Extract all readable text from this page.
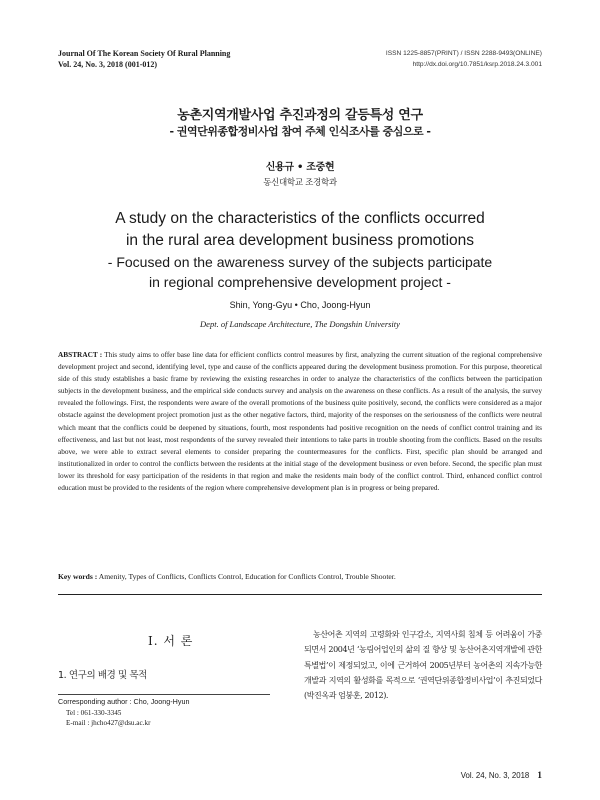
Journal Of The Korean Society Of Rural Planning
Vol. 24, No. 3, 2018 (001-012)
ISSN 1225-8857(PRINT) / ISSN 2288-9493(ONLINE)
http://dx.doi.org/10.7851/ksrp.2018.24.3.001
농촌지역개발사업 추진과정의 갈등특성 연구
- 권역단위종합정비사업 참여 주체 인식조사를 중심으로 -
신용규 • 조중현
동신대학교 조경학과
A study on the characteristics of the conflicts occurred
in the rural area development business promotions
- Focused on the awareness survey of the subjects participate
in regional comprehensive development project -
Shin, Yong-Gyu • Cho, Joong-Hyun
Dept. of Landscape Architecture, The Dongshin University
ABSTRACT : This study aims to offer base line data for efficient conflicts control measures by first, analyzing the current situation of the regional comprehensive development project and second, identifying level, type and cause of the conflicts appeared during the development business promotion. For this purpose, theoretical side of this study establishes a basic frame by reviewing the existing researches in order to analyze the characteristics of the conflicts between the participation subjects in the development business, and the empirical side conducts survey and analysis on the awareness on these conflicts. As a result of the analysis, the survey revealed the followings. First, the respondents were aware of the overall promotions of the business quite positively, second, the conflicts were considered as a major obstacle against the development project promotion just as the other negative factors, third, majority of the responses on the seriousness of the conflicts were neutral which meant that the conflicts could be deepened by situations, fourth, most respondents had positive recognition on the needs of conflict control training and its effectiveness, and last but not least, most respondents of the survey revealed their intentions to take parts in trouble shooting from the conflicts. Based on the results above, we were able to extract several elements to consider preparing the countermeasures for the conflicts. First, specific plan should be arranged and institutionalized in order to control the conflicts between the residents at the initial stage of the development business or even before. Second, the specific plan must lower its threshold for easy participation of the residents in that region and make the residents main body of the conflict control. Third, enhanced conflict control education must be provided to the residents of the region where comprehensive development plan is in progress or being prepared.
Key words : Amenity, Types of Conflicts, Conflicts Control, Education for Conflicts Control, Trouble Shooter.
I. 서 론
1. 연구의 배경 및 목적
Corresponding author : Cho, Joong-Hyun
Tel : 061-330-3345
E-mail : jhcho427@dsu.ac.kr
농산어촌 지역의 고령화와 인구감소, 지역사회 침체 등 어려움이 가중되면서 2004년 ‘농림어업인의 삶의 질 향상 및 농산어촌지역개발에 관한 특별법’이 제정되었고, 이에 근거하여 2005년부터 농어촌의 지속가능한 개발과 지역의 활성화를 목적으로 ‘권역단위종합정비사업’이 추진되었다(박진옥과 엄붕훈, 2012).
Vol. 24, No. 3, 2018 1
